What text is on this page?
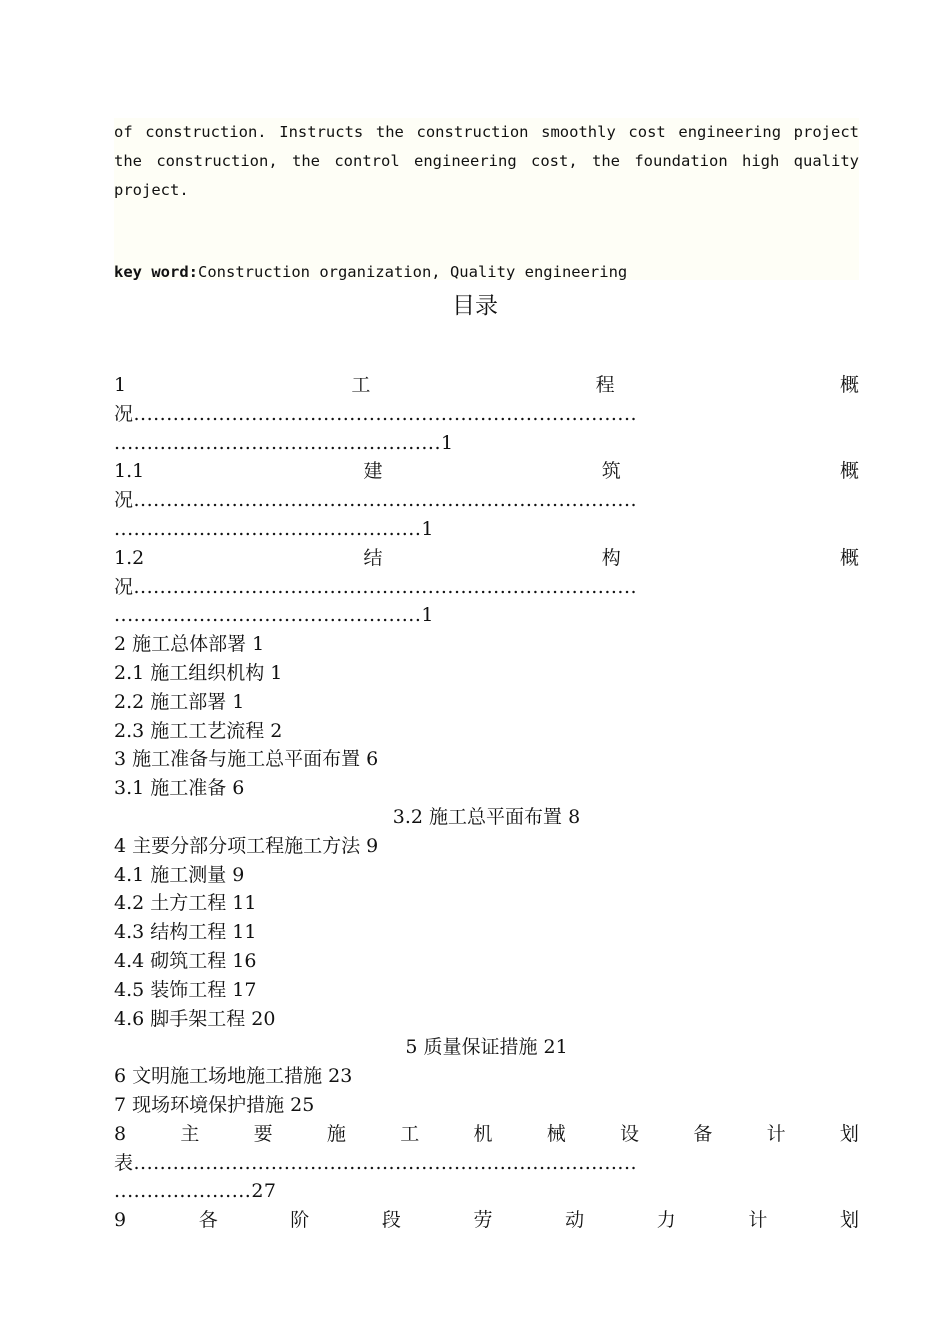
of construction. Instructs the construction smoothly cost engineering project
the construction, the control engineering cost, the foundation high quality
project.
key word:Construction organization, Quality engineering
目录
1	工	程	概
况.............................................................................
..................................................1
1.1	建	筑	概
况.............................................................................
...............................................1
1.2	结	构	概
况.............................................................................
...............................................1
2 施工总体部署 1
2.1 施工组织机构 1
2.2 施工部署 1
2.3 施工工艺流程 2
3 施工准备与施工总平面布置 6
3.1 施工准备 6
3.2 施工总平面布置 8
4 主要分部分项工程施工方法 9
4.1 施工测量 9
4.2 土方工程 11
4.3 结构工程 11
4.4 砌筑工程 16
4.5 装饰工程 17
4.6 脚手架工程 20
5 质量保证措施 21
6 文明施工场地施工措施 23
7 现场环境保护措施 25
8	主	要	施	工	机	械	设	备	计	划
表.............................................................................
.....................27
9	各	阶	段	劳	动	力	计	划
